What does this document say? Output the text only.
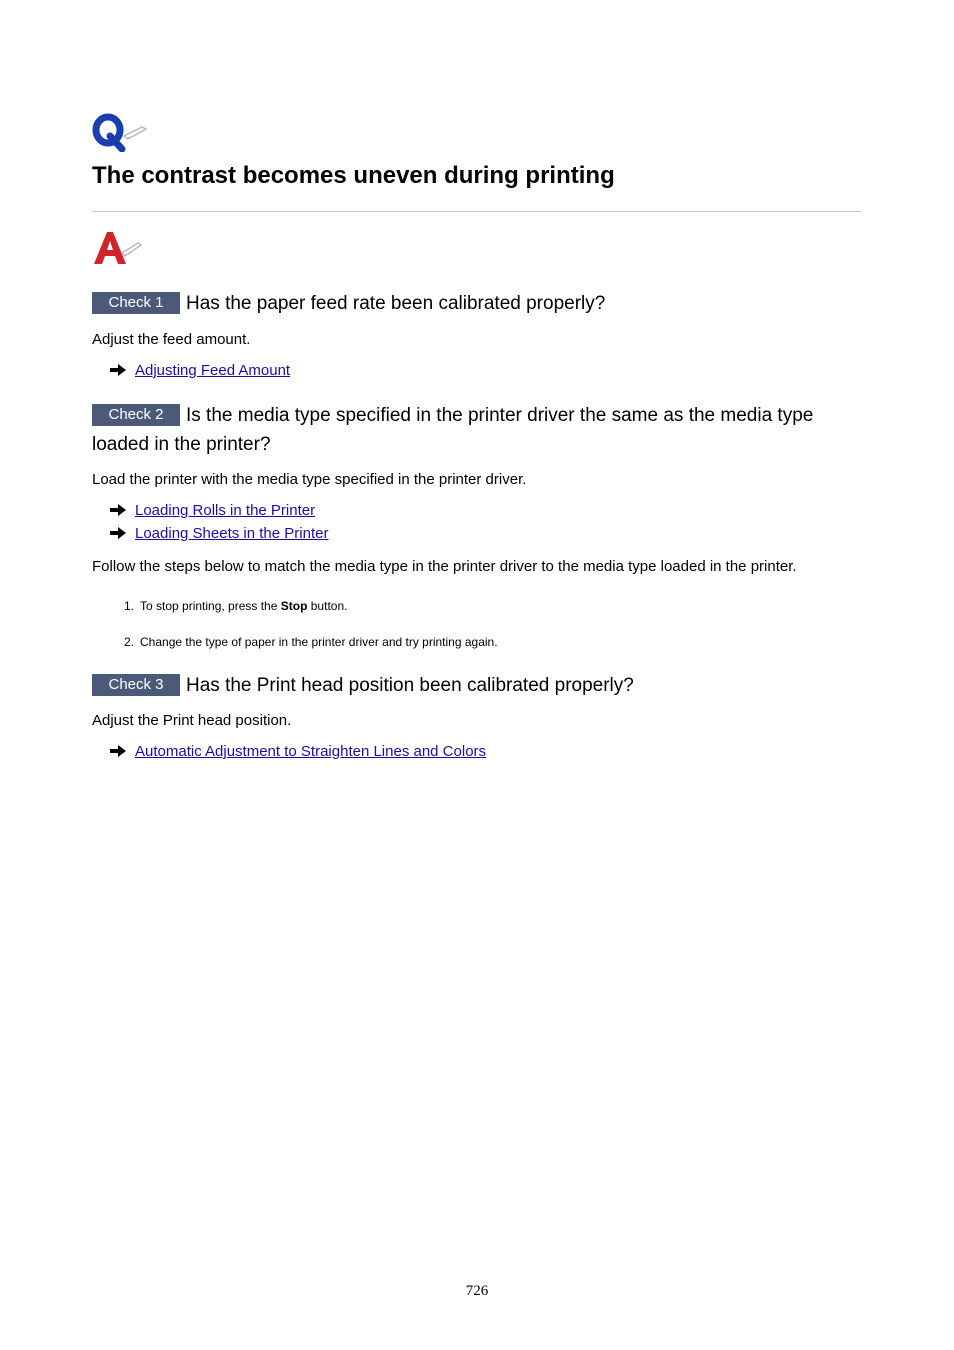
The contrast becomes uneven during printing
Check 1 Has the paper feed rate been calibrated properly?

Adjust the feed amount.

Adjusting Feed Amount
Check 2 Is the media type specified in the printer driver the same as the media type loaded in the printer?

Load the printer with the media type specified in the printer driver.

Loading Rolls in the Printer
Loading Sheets in the Printer

Follow the steps below to match the media type in the printer driver to the media type loaded in the printer.

1. To stop printing, press the Stop button.
2. Change the type of paper in the printer driver and try printing again.
Check 3 Has the Print head position been calibrated properly?

Adjust the Print head position.

Automatic Adjustment to Straighten Lines and Colors
726
